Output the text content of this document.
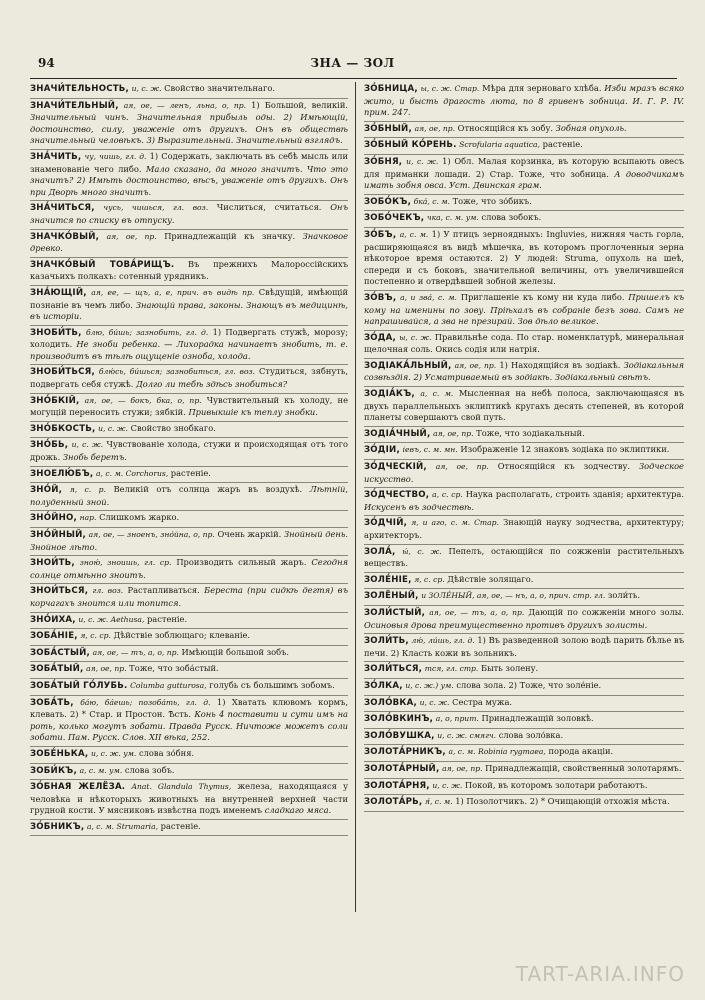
94	ЗНА — ЗОЛ

ЗНАЧИ́ТЕЛЬНОСТЬ, и, с. ж. Свойство значительнаго.

ЗНАЧИ́ТЕЛЬНЫЙ, ая, ое, — ленъ, льна, о, пр. 1) Большой, великій. Значительный чинъ. Значительная прибыль оды. 2) Имѣющій, достоинство, силу, уваженіе отъ другихъ. Онъ въ обществѣ значительный человѣкъ. 3) Выразительный. Значительный взглядъ.

ЗНА́ЧИТЬ, чу, чишь, гл. д. 1) Содержать, заключать въ себѣ мысль или знаменованіе чего либо. Мало сказано, да много значитъ. Что это значитъ? 2) Имѣть достоинство, вѣсъ, уваженіе отъ другихъ. Онъ при Дворѣ много значитъ.

ЗНА́ЧИТЬСЯ, чусь, чишься, гл. воз. Числиться, считаться. Онъ значится по списку въ отпуску.

ЗНАЧКО́ВЫЙ, ая, ое, пр. Принадлежащій къ значку. Значковое древко.

ЗНАЧКО́ВЫЙ ТОВА́РИЩЪ. Въ прежнихъ Малороссійскихъ казачьихъ полкахъ: сотенный урядникъ.

ЗНА́ЮЩІЙ, ая, ее, — щъ, а, е, прич. въ видѣ пр. Свѣдущій, имѣющій познаніе въ чемъ либо. Знающій права, законы. Знающъ въ медицинѣ, въ исторіи.

ЗНОБИ́ТЬ, блю, би́шь; зазнобить, гл. д. 1) Подвергать стужѣ, морозу; холодить. Не зноби ребенка. — Лихорадка начинаетъ знобить, т. е. производитъ въ тѣлѣ ощущеніе озноба, холода.

ЗНОБИ́ТЬСЯ, блю́сь, би́шься; зазнобиться, гл. воз. Студиться, зябнуть, подвергать себя стужѣ. Долго ли тебѣ здѣсь знобиться?

ЗНО́БКІЙ, ая, ое, — бокъ, бка, о, пр. Чувствительный къ холоду, не могущій переносить стужи; зябкій. Привыкшіе къ теплу знобки.

ЗНО́БКОСТЬ, и, с. ж. Свойство знобкаго.

ЗНО́БЬ, и, с. ж. Чувствованіе холода, стужи и происходящая отъ того дрожь. Знобь беретъ.

ЗНОЕЛЮ́БЪ, а, с. м. Corchorus, растеніе.

ЗНО́Й, я, с. р. Великій отъ солнца жаръ въ воздухѣ. Лѣтній, полуденный зной.

ЗНО́ЙНО, нар. Слишкомъ жарко.

ЗНО́ЙНЫЙ, ая, ое, — зноенъ, зно́йна, о, пр. Очень жаркій. Знойный день. Знойное лѣто.

ЗНОИ́ТЬ, зною́, зноишь, гл. ср. Производить сильный жаръ. Сегодня солнце отмѣнно зноитъ.

ЗНОИ́ТЬСЯ, гл. воз. Растапливаться. Береста (при сидкѣ дегтя) въ корчагахъ зноится или топится.

ЗНО́ИХА, и, с. ж. Aethusa, растеніе.

ЗОБА́НІЕ, я, с. ср. Дѣйствіе зоблющаго; клеваніе.

ЗОБА́СТЫЙ, ая, ое, — тъ, а, о, пр. Имѣющій большой зобъ.

ЗОБА́ТЫЙ, ая, ое, пр. Тоже, что зоба́стый.

ЗОБА́ТЫЙ ГО́ЛУБЬ. Columba gutturosa, голубь съ большимъ зобомъ.

ЗОБА́ТЬ, ба́ю, ба́ешь; позоба́ть, гл. д. 1) Хватать клювомъ кормъ, клевать. 2) * Стар. и Простон. Ѣсть. Конь 4 поставити и сути имъ на роть, колько могутъ зобати. Правда Русск. Ничтоже можетъ соли зобати. Пам. Русск. Слов. XII вѣка, 252.

ЗОБЕ́НЬКА, и, с. ж. ум. слова зо́бня.

ЗОБИ́КЪ, а, с. м. ум. слова зобъ.

ЗО́БНАЯ ЖЕЛЁЗА. Anat. Glandula Thymus, железа, находящаяся у человѣка и нѣкоторыхъ животныхъ на внутренней верхней части грудной кости. У мясниковъ извѣстна подъ именемъ сладкаго мяса.

ЗО́БНИКЪ, а, с. м. Strumaria, растеніе.

ЗО́БНИЦА, ы, с. ж. Стар. Мѣра для зерноваго хлѣба. Изби мразъ всяко жито, и бысть драгость люта, по 8 гривенъ зобница. И. Г. Р. IV. прим. 247.

ЗО́БНЫЙ, ая, ое, пр. Относящійся къ зобу. Зобная опухоль.

ЗО́БНЫЙ КО́РЕНЬ. Scrofularia aquatica, растеніе.

ЗО́БНЯ, и, с. ж. 1) Обл. Малая корзинка, въ которую всыпають овесъ для приманки лошади. 2) Стар. Тоже, что зобница. А доводчикамъ имать зобня овса. Уст. Двинская грам.

ЗОБО́КЪ, бка́, с. м. Тоже, что зо́бикъ.

ЗОБО́ЧЕКЪ, чка, с. м. ум. слова зобокъ.

ЗО́БЪ, а, с. м. 1) У птицъ зерноядныхъ: Ingluvies, нижняя часть горла, расширяющаяся въ видѣ мѣшечка, въ которомъ проглоченныя зерна нѣкоторое время остаются. 2) У людей: Struma, опухоль на шеѣ, спереди и съ боковъ, значительной величины, отъ увеличившейся постепенно и отвердѣвшей зобной железы.

ЗО́ВЪ, а, и зва́, с. м. Приглашеніе къ кому ни куда либо. Пришелъ къ кому на именины по зову. Пріѣхалъ въ собраніе безъ зова. Самъ не напрашивайся, а зва не презирай. Зов дѣло великое.

ЗО́ДА, ы, с. ж. Правильнѣе сода. По стар. номенклатурѣ, минеральная щелочная соль. Окись содія или натрія.

ЗОДІАКА́ЛЬНЫЙ, ая, ое, пр. 1) Находящійся въ зодіакѣ. Зодіакальныя созвѣздія. 2) Усматриваемый въ зодіакѣ. Зодіакальный свѣтъ.

ЗОДІА́КЪ, а, с. м. Мысленная на небѣ полоса, заключающаяся въ двухъ параллельныхъ эклиптикѣ кругахъ десять степеней, въ которой планеты совершаютъ свой путь.

ЗОДІА́ЧНЫЙ, ая, ое, пр. Тоже, что зодіакальный.

ЗО́ДІИ, іевъ, с. м. мн. Изображеніе 12 знаковъ зодіака по эклиптики.

ЗО́ДЧЕСКІЙ, ая, ое, пр. Относящійся къ зодчеству. Зодческое искусство.

ЗО́ДЧЕСТВО, а, с. ср. Наука располагать, строить зданія; архитектура. Искусенъ въ зодчествѣ.

ЗО́ДЧІЙ, я, и аго, с. м. Стар. Знающій науку зодчества, архитектуру; архитекторъ.

ЗОЛА́, ы́, с. ж. Пепелъ, остающійся по сожженіи растительныхъ веществъ.

ЗОЛЕ́НІЕ, я, с. ср. Дѣйствіе золящаго.

ЗОЛЁНЫЙ, и ЗОЛЕ́НЫЙ, ая, ое, — нъ, а, о, прич. стр. гл. золи́ть.

ЗОЛИ́СТЫЙ, ая, ое, — тъ, а, о, пр. Дающій по сожженіи много золы. Осиновыя дрова преимущественно противъ другихъ золисты.

ЗОЛИ́ТЬ, лю́, ли́шь, гл. д. 1) Въ разведенной золою водѣ парить бѣлье въ печи. 2) Класть кожи въ зольникъ.

ЗОЛИ́ТЬСЯ, тся, гл. стр. Быть золену.

ЗО́ЛКА, и, с. ж.) ум. слова зола. 2) Тоже, что золе́ніе.

ЗОЛО́ВКА, и, с. ж. Сестра мужа.

ЗОЛО́ВКИНЪ, а, о, прит. Принадлежащій золовкѣ.

ЗОЛО́ВУШКА, и, с. ж. смягч. слова золо́вка.

ЗОЛОТА́РНИКЪ, а, с. м. Robinia rygmaea, порода акаціи.

ЗОЛОТА́РНЫЙ, ая, ое, пр. Принадлежащій, свойственный золотарямъ.

ЗОЛОТА́РНЯ, и, с. ж. Покой, въ которомъ золотари работаютъ.

ЗОЛОТА́РЬ, я́, с. м. 1) Позолотчикъ. 2) * Очищающій отхожія мѣста.

TART-ARIA.INFO
